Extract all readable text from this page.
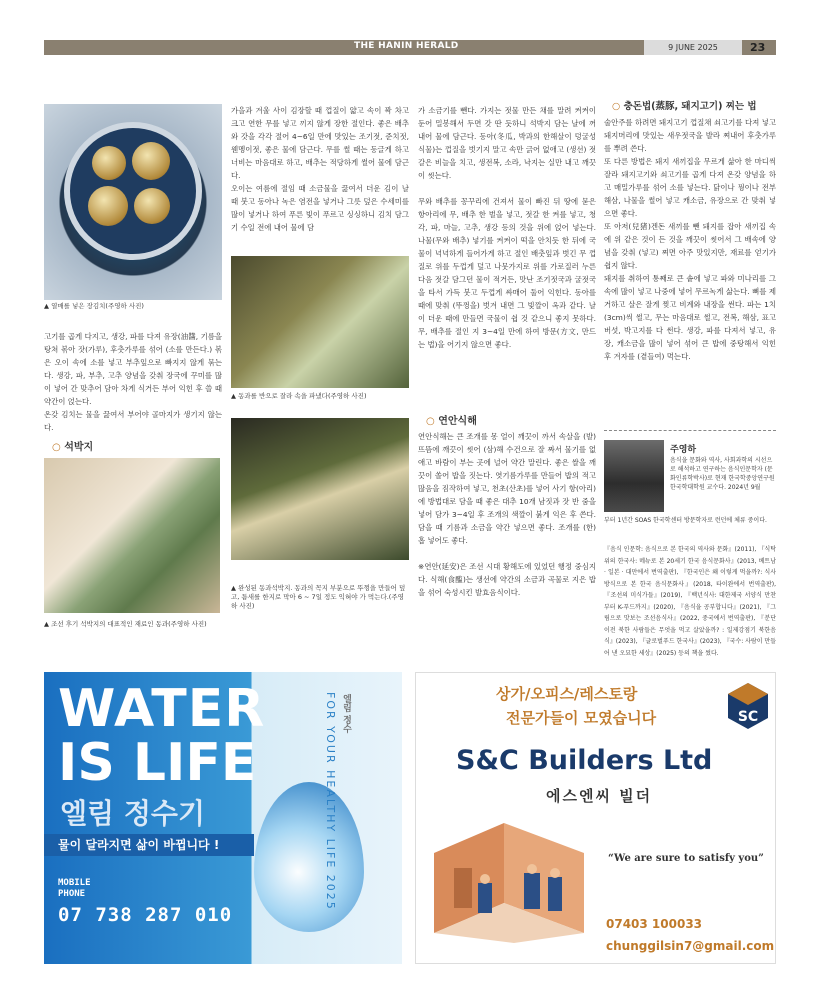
THE HANIN HERALD	9 JUNE 2025	23
▲ 열매를 넣은 장김치(주영하 사진)
고기를 곱게 다지고, 생강, 파를 다져 유장(油醬, 기름을 탕쳐 볶아 잣(가루), 후춧가루를 섞어 (소를 만든다.) 볶은 오이 속에 소를 넣고 부추잎으로 빠지지 않게 묶는다. 생강, 파, 부추, 고추 양념을 갖춰 장국에 꾸미를 많이 넣어 간 맞추어 담아 차게 식거든 부어 익힌 후 쓸 때 약간이 얹는다.
온갖 김치는 물을 끓여서 부어야 골마지가 생기지 않는다.
○ 석박지
▲ 조선 후기 석박지의 대표적인 재료인 동과(주영하 사진)
가을과 겨울 사이 김장할 때 껍질이 얇고 속이 꽉 차고 크고 연한 무를 넣고 끼지 않게 장한 절인다. 좋은 배추와 갓을 각각 절어 4~6일 만에 맛있는 조기젓, 준치젓, 웬멩이젓, 좋은 물에 담근다. 무를 썰 때는 동글게 하고 너비는 마음대로 하고, 배추는 적당하게 썰어 물에 담근다.
오이는 여름에 절임 때 소금물을 끓여서 더운 김이 날 때 붓고 동아나 녹은 염전을 넣거나 그릇 덮은 수세미를 많이 넣거나 하여 푸른 빛이 푸르고 싱싱하니 김치 담그기 수일 전에 내어 물에 담
▲ 동과를 반으로 잘라 속을 파냈다(주영하 사진)
▲ 완성된 동과석박지. 동과의 꼭지 부분으로 뚜껑을 만들어 덮고, 틈새를 한지로 막아 6 ~ 7일 정도 익혀야 가 먹는다.(주영하 사진)
가 소금기를 뺀다. 가지는 젓물 만든 채를 말려 켜켜이 둔어 밀봉해서 두면 갓 딴 듯하니 석박지 담는 날에 꺼내어 물에 담근다. 동아(冬瓜, 박과의 한해살이 덩굴성 식물)는 껍질을 벗기지 말고 속만 긁어 없애고 (생선) 젓갈은 비늘을 치고, 생전복, 소라, 낙지는 실만 내고 깨끗이 씻는다.

무와 배추를 꽁꾸리에 건져서 물이 빠진 뒤 땅에 묻은 항아리에 무, 배추 한 벌을 넣고, 젓갈 한 켜를 넣고, 청각, 파, 마늘, 고추, 생강 등의 것을 위에 얹어 넣는다. 나물(무와 배추) 넣기를 켜켜이 떡을 안치듯 한 뒤에 국물이 넉넉하게 들어가게 하고 절인 배춧잎과 벗긴 무 껍질로 위를 두껍게 덮고 나뭇가지로 위를 가로질러 누른 다음 젓갈 담그던 물이 적거든, 맛난 조기젓국과 굴젓국을 타서 가득 붓고 두껍게 싸매어 둘어 익힌다. 동아를 때에 맞춰 (뚜껑을) 벗겨 내면 그 빛깔이 옥과 같다. 날이 더운 때에 만들면 국물이 쉽 것 같으니 좋지 못하다. 무, 배추를 절인 지 3~4일 만에 하여 방문(方文, 만드는 법)을 어기지 않으면 좋다.
○ 연안식해
연안식해는 큰 조개를 몽 얼이 깨끗이 까서 속살을 (발)뜨뜸에 깨끗이 씻어 (삼)해 수건으로 잘 짜서 물기를 없애고 바람이 부는 곳에 널어 약간 말린다. 좋은 쌀을 깨끗이 쏠어 밥을 짓는다. 엿기름가루를 만들어 밥의 적고 많음을 짐작하여 넣고, 천초(산초)를 넣어 사기 항(아리)에 방법대로 담을 때 좋은 대추 10개 남짓과 잣 반 줌을 넣어 담가 3~4일 후 조개의 색깔이 붉게 익은 후 쓴다. 담을 때 기름과 소금을 약간 넣으면 좋다. 조개를 (한) 홉 넣어도 좋다.

※연안(延安)은 조선 시대 황해도에 있었던 행정 중심지다. 식해(食醢)는 생선에 약간의 소금과 곡물로 지은 밥을 섞어 숙성시킨 발효음식이다.
○ 충돈법(蒸豚, 돼지고기) 찌는 법
술안주를 하려면 돼지고기 껍질채 쇠고기를 다져 넣고 돼지머리에 맛있는 새우젓국을 발라 쪄내어 후춧가루를 뿌려 쓴다.
또 다른 방법은 돼지 새끼집을 무르게 삶아 한 마디씩 잘라 돼지고기와 쇠고기를 곱게 다져 온갖 양념을 하고 매밀가루를 섞어 소를 넣는다. 닭이나 꿩이나 전부 해삼, 나물을 썰어 넣고 캐소금, 유장으로 간 맞춰 넣으면 좋다.
또 아저(兒猪)겐돈 새끼를 뺀 돼지를 잡아 새끼집 속에 위 같은 것이 든 것을 깨끗이 씻어서 그 배속에 양념을 갖춰 (넣고) 쪄면 아주 맛있지만, 재료를 얻기가 쉽지 않다.
돼지를 취하여 통째로 큰 솥에 넣고 파와 미나리를 그 속에 많이 넣고 나중에 넣어 무르녹게 삶는다. 뼈를 제거하고 살은 잘게 찢고 비계와 내장을 썬다. 파는 1치(3cm)씩 썰고, 무는 마음대로 썰고, 전복, 해삼, 표고버섯, 박고지를 다 썬다. 생강, 파를 다져서 넣고, 유장, 캐소금을 많이 넣어 섞어 큰 밥에 중탕해서 익힌 후 겨자를 (곁들여) 먹는다.
주영하
음식을 문화와 역사, 사회과학의 시선으로 해석하고 연구하는 음식인문학자 (문화인류학박사)로 현재 한국학중앙연구원 한국학대학원 교수다. 2024년 9월
부터 1년간 SOAS 한국학센터 방문학자로 런던에 체류 중이다.
『음식 인문학: 음식으로 본 한국의 역사와 문화』(2011), 『식탁 위의 한국사: 메뉴로 본 20세기 한국 음식문화사』(2013, 베트남 · 일본 · 대만에서 번역출판), 『한국인은 왜 이렇게 먹을까?: 식사방식으로 본 한국 음식문화사』(2018, 타이완에서 번역출판), 『조선의 미식가들』(2019), 『백년식사: 대한제국 서양식 만찬부터 K-푸드까지』(2020), 『음식을 공부합니다』(2021), 『그림으로 맛보는 조선음식사』(2022, 중국에서 번역출판), 『분단이전 북한 사람들은 무엇을 먹고 살았을까? : 일제강점기 북한음식』(2023), 『글로벌푸드 한국사』(2023), 『국수: 사람이 만들어 낸 오묘한 세상』(2025) 등의 책을 썼다.
WATER
IS LIFE
엘림 정수기
물이 달라지면 삶이 바뀝니다 !
MOBILE
PHONE
07 738 287 010
엘림 정수
FOR YOUR HEALTHY LIFE 2025	상가/오피스/레스토랑
전문가들이 모였습니다	SC
S&C Builders Ltd
에스엔씨 빌더
“We are sure to satisfy you”
07403 100033
chunggilsin7@gmail.com
